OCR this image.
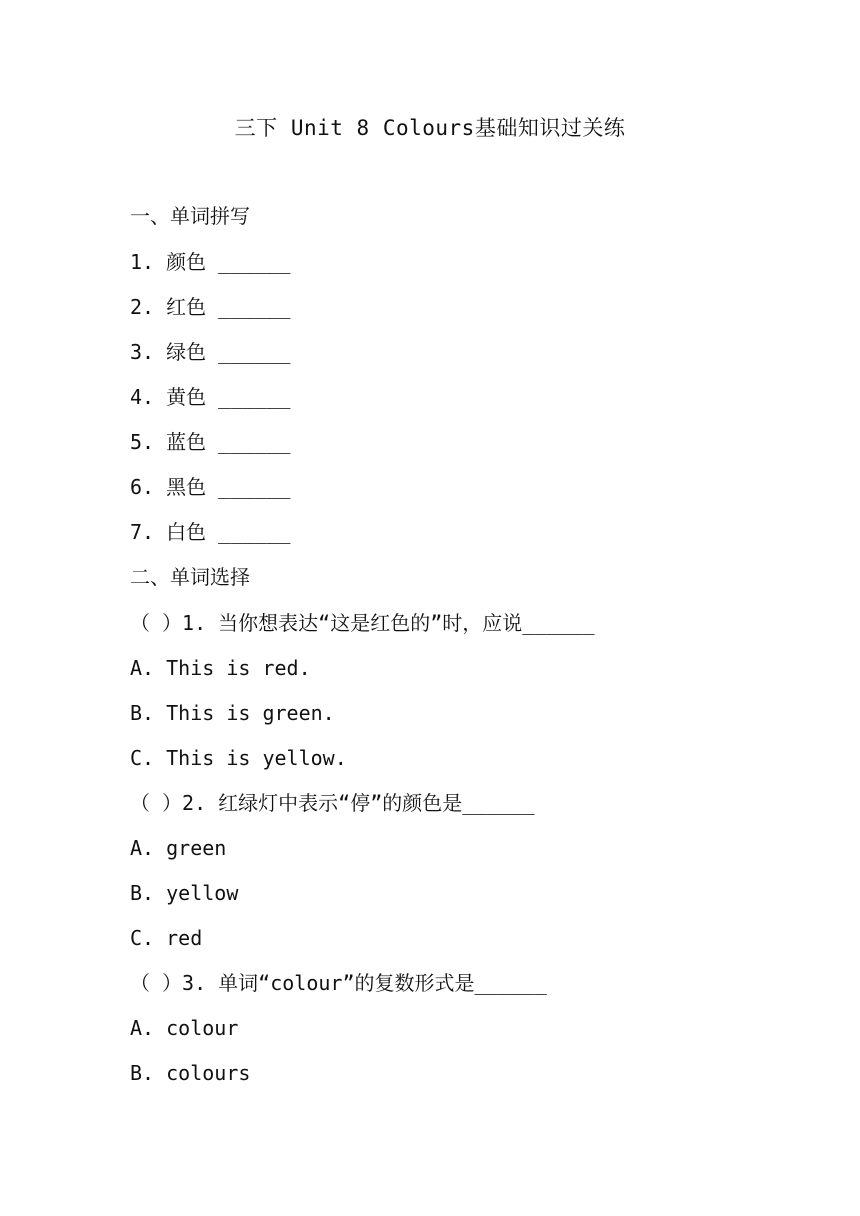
三下 Unit 8 Colours基础知识过关练
一、单词拼写
1. 颜色 ______
2. 红色 ______
3. 绿色 ______
4. 黄色 ______
5. 蓝色 ______
6. 黑色 ______
7. 白色 ______
二、单词选择
（ ）1. 当你想表达“这是红色的”时，应说______
A. This is red.
B. This is green.
C. This is yellow.
（ ）2. 红绿灯中表示“停”的颜色是______
A. green
B. yellow
C. red
（ ）3. 单词“colour”的复数形式是______
A. colour
B. colours
